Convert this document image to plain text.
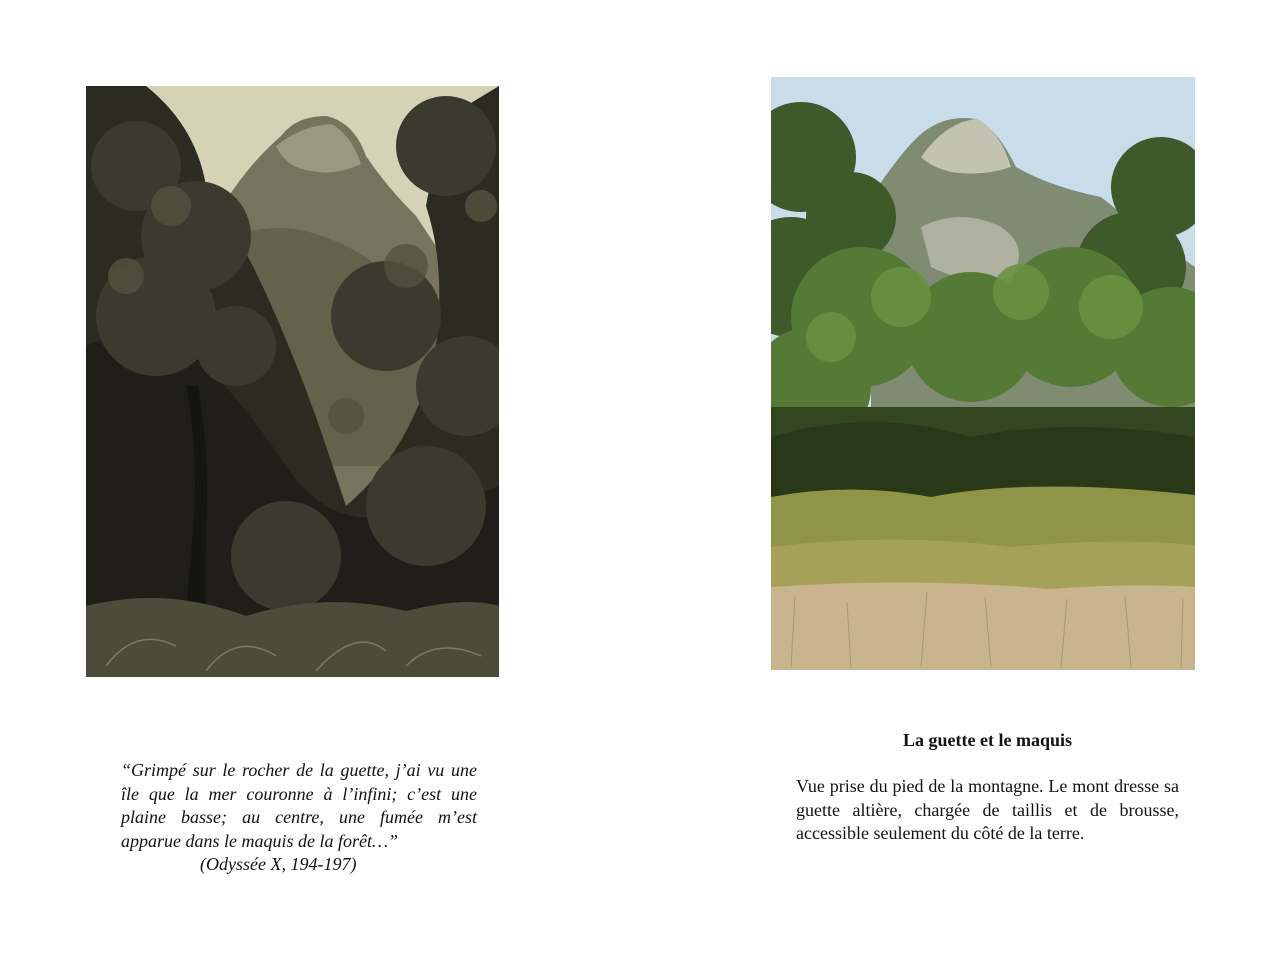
“Grimpé sur le rocher de la guette, j’ai vu une île que la mer couronne à l’infini; c’est une plaine basse; au centre, une fumée m’est apparue dans le maquis de la forêt…”
(Odyssée X, 194-197)
La guette et le maquis
Vue prise du pied de la montagne. Le mont dresse sa guette altière, chargée de taillis et de brousse, accessible seulement du côté de la terre.
